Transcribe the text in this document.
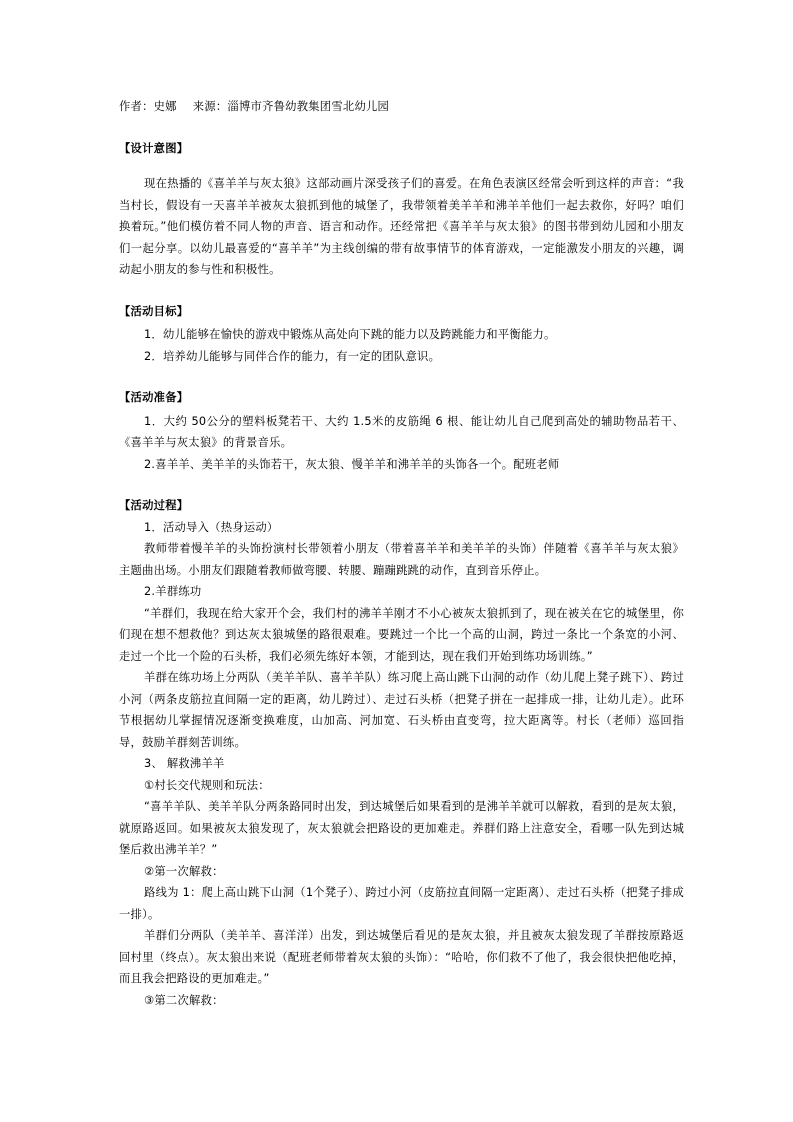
作者：史娜 来源：淄博市齐鲁幼教集团雪北幼儿园

【设计意图】

现在热播的《喜羊羊与灰太狼》这部动画片深受孩子们的喜爱。在角色表演区经常会听到这样的声音：“我当村长，假设有一天喜羊羊被灰太狼抓到他的城堡了，我带领着美羊羊和沸羊羊他们一起去救你，好吗？咱们换着玩。”他们模仿着不同人物的声音、语言和动作。还经常把《喜羊羊与灰太狼》的图书带到幼儿园和小朋友们一起分享。以幼儿最喜爱的“喜羊羊”为主线创编的带有故事情节的体育游戏，一定能激发小朋友的兴趣，调动起小朋友的参与性和积极性。

【活动目标】

1．幼儿能够在愉快的游戏中锻炼从高处向下跳的能力以及跨跳能力和平衡能力。

2．培养幼儿能够与同伴合作的能力，有一定的团队意识。

【活动准备】

1．大约 50公分的塑料板凳若干、大约 1.5米的皮筋绳 6 根、能让幼儿自己爬到高处的辅助物品若干、《喜羊羊与灰太狼》的背景音乐。

2.喜羊羊、美羊羊的头饰若干，灰太狼、慢羊羊和沸羊羊的头饰各一个。配班老师

【活动过程】

1．活动导入（热身运动）

教师带着慢羊羊的头饰扮演村长带领着小朋友（带着喜羊羊和美羊羊的头饰）伴随着《喜羊羊与灰太狼》主题曲出场。小朋友们跟随着教师做弯腰、转腰、蹦蹦跳跳的动作，直到音乐停止。

2.羊群练功

“羊群们，我现在给大家开个会，我们村的沸羊羊刚才不小心被灰太狼抓到了，现在被关在它的城堡里，你们现在想不想救他？到达灰太狼城堡的路很艰难。要跳过一个比一个高的山洞，跨过一条比一个条宽的小河、走过一个比一个险的石头桥，我们必须先练好本领，才能到达，现在我们开始到练功场训练。”

羊群在练功场上分两队（美羊羊队、喜羊羊队）练习爬上高山跳下山洞的动作（幼儿爬上凳子跳下）、跨过小河（两条皮筋拉直间隔一定的距离，幼儿跨过）、走过石头桥（把凳子拼在一起排成一排，让幼儿走）。此环节根据幼儿掌握情况逐渐变换难度，山加高、河加宽、石头桥由直变弯，拉大距离等。村长（老师）巡回指导，鼓励羊群刻苦训练。

3、 解救沸羊羊

①村长交代规则和玩法：

“喜羊羊队、美羊羊队分两条路同时出发，到达城堡后如果看到的是沸羊羊就可以解救，看到的是灰太狼，就原路返回。如果被灰太狼发现了，灰太狼就会把路设的更加难走。养群们路上注意安全，看哪一队先到达城堡后救出沸羊羊？”

②第一次解救：

路线为 1：爬上高山跳下山洞（1个凳子）、跨过小河（皮筋拉直间隔一定距离）、走过石头桥（把凳子排成一排）。

羊群们分两队（美羊羊、喜洋洋）出发，到达城堡后看见的是灰太狼，并且被灰太狼发现了羊群按原路返回村里（终点）。灰太狼出来说（配班老师带着灰太狼的头饰）：“哈哈，你们救不了他了，我会很快把他吃掉，而且我会把路设的更加难走。”

③第二次解救：
